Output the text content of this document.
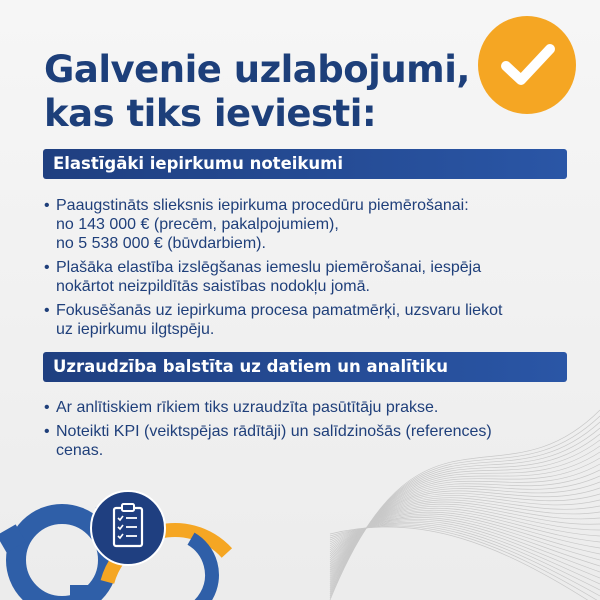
Galvenie uzlabojumi,
kas tiks ieviesti:
Elastīgāki iepirkumu noteikumi
• Paaugstināts slieksnis iepirkuma procedūru piemērošanai:
no 143 000 € (precēm, pakalpojumiem),
no 5 538 000 € (būvdarbiem).
• Plašāka elastība izslēgšanas iemeslu piemērošanai, iespēja
nokārtot neizpildītās saistības nodokļu jomā.
• Fokusēšanās uz iepirkuma procesa pamatmērķi, uzsvaru liekot
uz iepirkumu ilgtspēju.
Uzraudzība balstīta uz datiem un analītiku
• Ar anlītiskiem rīkiem tiks uzraudzīta pasūtītāju prakse.
• Noteikti KPI (veiktspējas rādītāji) un salīdzinošās (references)
cenas.
